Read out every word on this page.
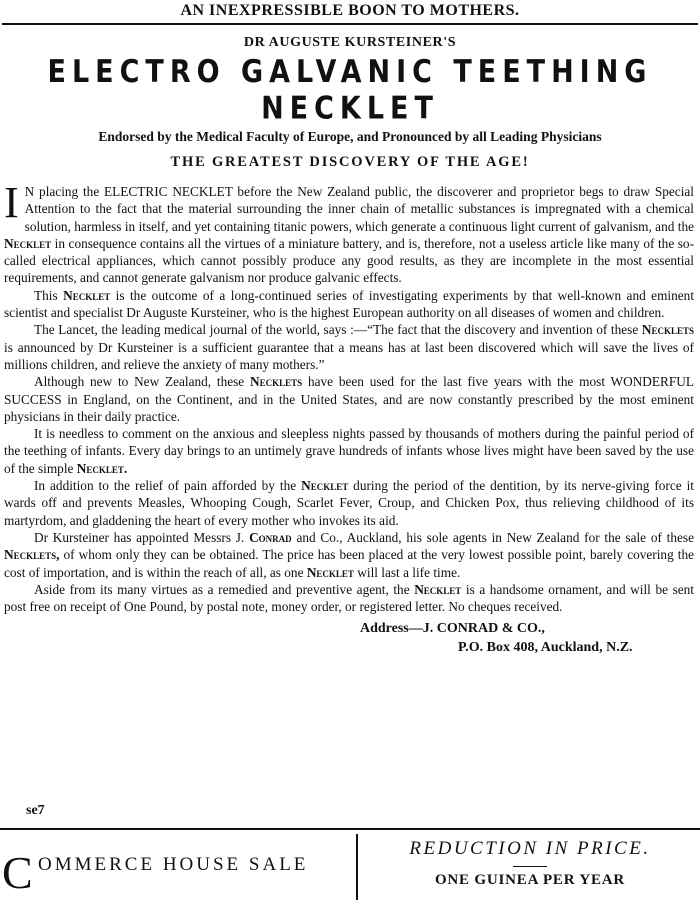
AN INEXPRESSIBLE BOON TO MOTHERS.
DR AUGUSTE KURSTEINER'S
ELECTRO GALVANIC TEETHING NECKLET
Endorsed by the Medical Faculty of Europe, and Pronounced by all Leading Physicians
THE GREATEST DISCOVERY OF THE AGE!

I N placing the ELECTRIC NECKLET before the New Zealand public, the discoverer and proprietor begs to draw Special Attention to the fact that the material surrounding the inner chain of metallic substances is impregnated with a chemical solution, harmless in itself, and yet containing titanic powers, which generate a continuous light current of galvanism, and the Necklet in consequence contains all the virtues of a miniature battery, and is, therefore, not a useless article like many of the so-called electrical appliances, which cannot possibly produce any good results, as they are incomplete in the most essential requirements, and cannot generate galvanism nor produce galvanic effects.

This Necklet is the outcome of a long-continued series of investigating experiments by that well-known and eminent scientist and specialist Dr Auguste Kursteiner, who is the highest European authority on all diseases of women and children.

The Lancet, the leading medical journal of the world, says :—“The fact that the discovery and invention of these Necklets is announced by Dr Kursteiner is a sufficient guarantee that a means has at last been discovered which will save the lives of millions children, and relieve the anxiety of many mothers.”

Although new to New Zealand, these Necklets have been used for the last five years with the most WONDERFUL SUCCESS in England, on the Continent, and in the United States, and are now constantly prescribed by the most eminent physicians in their daily practice.

It is needless to comment on the anxious and sleepless nights passed by thousands of mothers during the painful period of the teething of infants. Every day brings to an untimely grave hundreds of infants whose lives might have been saved by the use of the simple Necklet.

In addition to the relief of pain afforded by the Necklet during the period of the dentition, by its nerve-giving force it wards off and prevents Measles, Whooping Cough, Scarlet Fever, Croup, and Chicken Pox, thus relieving childhood of its martyrdom, and gladdening the heart of every mother who invokes its aid.

Dr Kursteiner has appointed Messrs J. Conrad and Co., Auckland, his sole agents in New Zealand for the sale of these Necklets, of whom only they can be obtained. The price has been placed at the very lowest possible point, barely covering the cost of importation, and is within the reach of all, as one Necklet will last a life time.

Aside from its many virtues as a remedied and preventive agent, the Necklet is a handsome ornament, and will be sent post free on receipt of One Pound, by postal note, money order, or registered letter. No cheques received.

Address—J. CONRAD & CO.,
P.O. Box 408, Auckland, N.Z.
se7
C OMMERCE HOUSE SALE
REDUCTION IN PRICE.
ONE GUINEA PER YEAR
